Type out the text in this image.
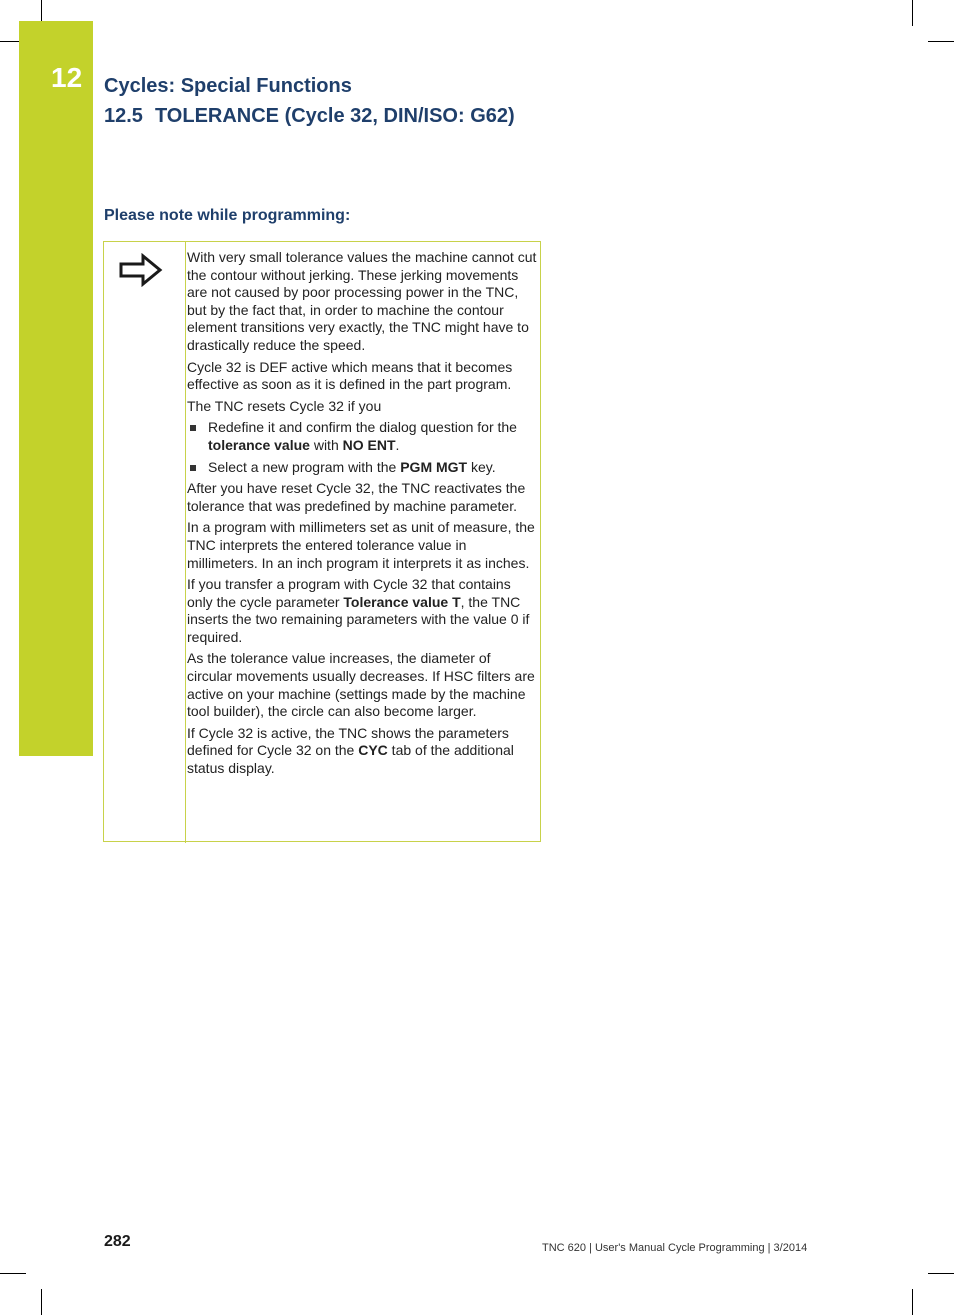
12 Cycles: Special Functions
12.5 TOLERANCE (Cycle 32, DIN/ISO: G62)
Please note while programming:

With very small tolerance values the machine cannot cut the contour without jerking. These jerking movements are not caused by poor processing power in the TNC, but by the fact that, in order to machine the contour element transitions very exactly, the TNC might have to drastically reduce the speed.

Cycle 32 is DEF active which means that it becomes effective as soon as it is defined in the part program.

The TNC resets Cycle 32 if you

Redefine it and confirm the dialog question for the tolerance value with NO ENT.
Select a new program with the PGM MGT key.

After you have reset Cycle 32, the TNC reactivates the tolerance that was predefined by machine parameter.

In a program with millimeters set as unit of measure, the TNC interprets the entered tolerance value in millimeters. In an inch program it interprets it as inches.

If you transfer a program with Cycle 32 that contains only the cycle parameter Tolerance value T, the TNC inserts the two remaining parameters with the value 0 if required.

As the tolerance value increases, the diameter of circular movements usually decreases. If HSC filters are active on your machine (settings made by the machine tool builder), the circle can also become larger.

If Cycle 32 is active, the TNC shows the parameters defined for Cycle 32 on the CYC tab of the additional status display.

282	TNC 620 | User's Manual Cycle Programming | 3/2014
